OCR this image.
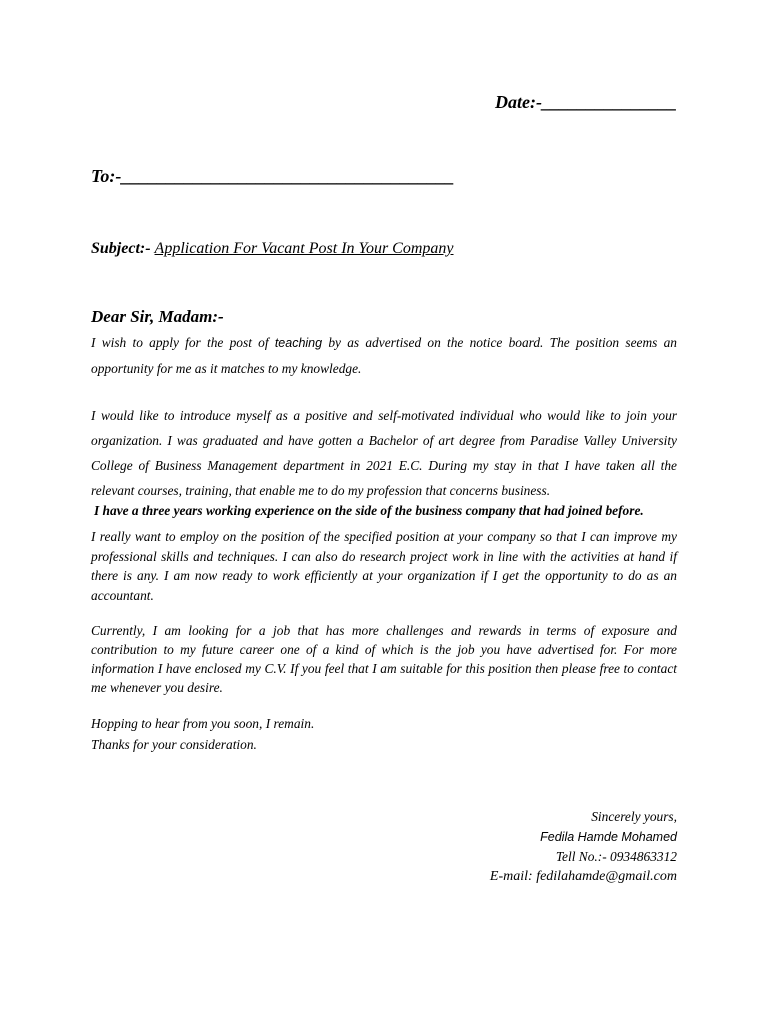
Date:-_______________
To:-_____________________________________
Subject:- Application For Vacant Post In Your Company
Dear Sir, Madam:-

I wish to apply for the post of teaching by as advertised on the notice board. The position seems an opportunity for me as it matches to my knowledge.

I would like to introduce myself as a positive and self-motivated individual who would like to join your organization. I was graduated and have gotten a Bachelor of art degree from Paradise Valley University College of Business Management department in 2021 E.C. During my stay in that I have taken all the relevant courses, training, that enable me to do my profession that concerns business.

I have a three years working experience on the side of the business company that had joined before.

I really want to employ on the position of the specified position at your company so that I can improve my professional skills and techniques. I can also do research project work in line with the activities at hand if there is any. I am now ready to work efficiently at your organization if I get the opportunity to do as an accountant.

Currently, I am looking for a job that has more challenges and rewards in terms of exposure and contribution to my future career one of a kind of which is the job you have advertised for. For more information I have enclosed my C.V. If you feel that I am suitable for this position then please free to contact me whenever you desire.

Hopping to hear from you soon, I remain.
Thanks for your consideration.
Sincerely yours,
Fedila Hamde Mohamed
Tell No.:- 0934863312
E-mail: fedilahamde@gmail.com
